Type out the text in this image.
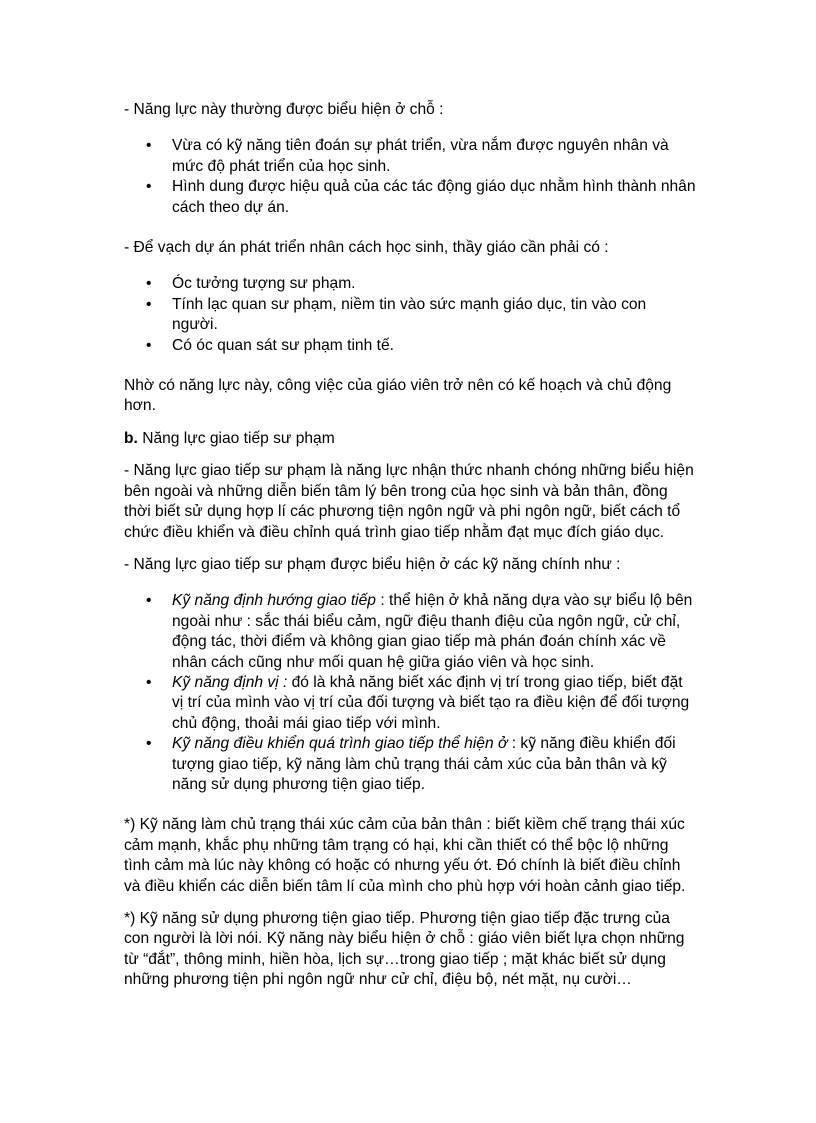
- Năng lực này thường được biểu hiện ở chỗ :

• Vừa có kỹ năng tiên đoán sự phát triển, vừa nắm được nguyên nhân và mức độ phát triển của học sinh.
• Hình dung được hiệu quả của các tác động giáo dục nhằm hình thành nhân cách theo dự án.

- Để vạch dự án phát triển nhân cách học sinh, thầy giáo cần phải có :

• Óc tưởng tượng sư phạm.
• Tính lạc quan sư phạm, niềm tin vào sức mạnh giáo dục, tin vào con người.
• Có óc quan sát sư phạm tinh tế.

Nhờ có năng lực này, công việc của giáo viên trở nên có kế hoạch và chủ động hơn.

b. Năng lực giao tiếp sư phạm

- Năng lực giao tiếp sư phạm là năng lực nhận thức nhanh chóng những biểu hiện bên ngoài và những diễn biến tâm lý bên trong của học sinh và bản thân, đồng thời biết sử dụng hợp lí các phương tiện ngôn ngữ và phi ngôn ngữ, biết cách tổ chức điều khiển và điều chỉnh quá trình giao tiếp nhằm đạt mục đích giáo dục.

- Năng lực giao tiếp sư phạm được biểu hiện ở các kỹ năng chính như :

• Kỹ năng định hướng giao tiếp : thể hiện ở khả năng dựa vào sự biểu lộ bên ngoài như : sắc thái biểu cảm, ngữ điệu thanh điệu của ngôn ngữ, cử chỉ, động tác, thời điểm và không gian giao tiếp mà phán đoán chính xác về nhân cách cũng như mối quan hệ giữa giáo viên và học sinh.
• Kỹ năng định vị : đó là khả năng biết xác định vị trí trong giao tiếp, biết đặt vị trí của mình vào vị trí của đối tượng và biết tạo ra điều kiện để đối tượng chủ động, thoải mái giao tiếp với mình.
• Kỹ năng điều khiển quá trình giao tiếp thể hiện ở : kỹ năng điều khiển đối tượng giao tiếp, kỹ năng làm chủ trạng thái cảm xúc của bản thân và kỹ năng sử dụng phương tiện giao tiếp.

*) Kỹ năng làm chủ trạng thái xúc cảm của bản thân : biết kiềm chế trạng thái xúc cảm mạnh, khắc phụ những tâm trạng có hại, khi cần thiết có thể bộc lộ những tình cảm mà lúc này không có hoặc có nhưng yếu ớt. Đó chính là biết điều chỉnh và điều khiển các diễn biến tâm lí của mình cho phù hợp với hoàn cảnh giao tiếp.

*) Kỹ năng sử dụng phương tiện giao tiếp. Phương tiện giao tiếp đặc trưng của con người là lời nói. Kỹ năng này biểu hiện ở chỗ : giáo viên biết lựa chọn những từ “đắt”, thông minh, hiền hòa, lịch sự…trong giao tiếp ; mặt khác biết sử dụng những phương tiện phi ngôn ngữ như cử chỉ, điệu bộ, nét mặt, nụ cười…
